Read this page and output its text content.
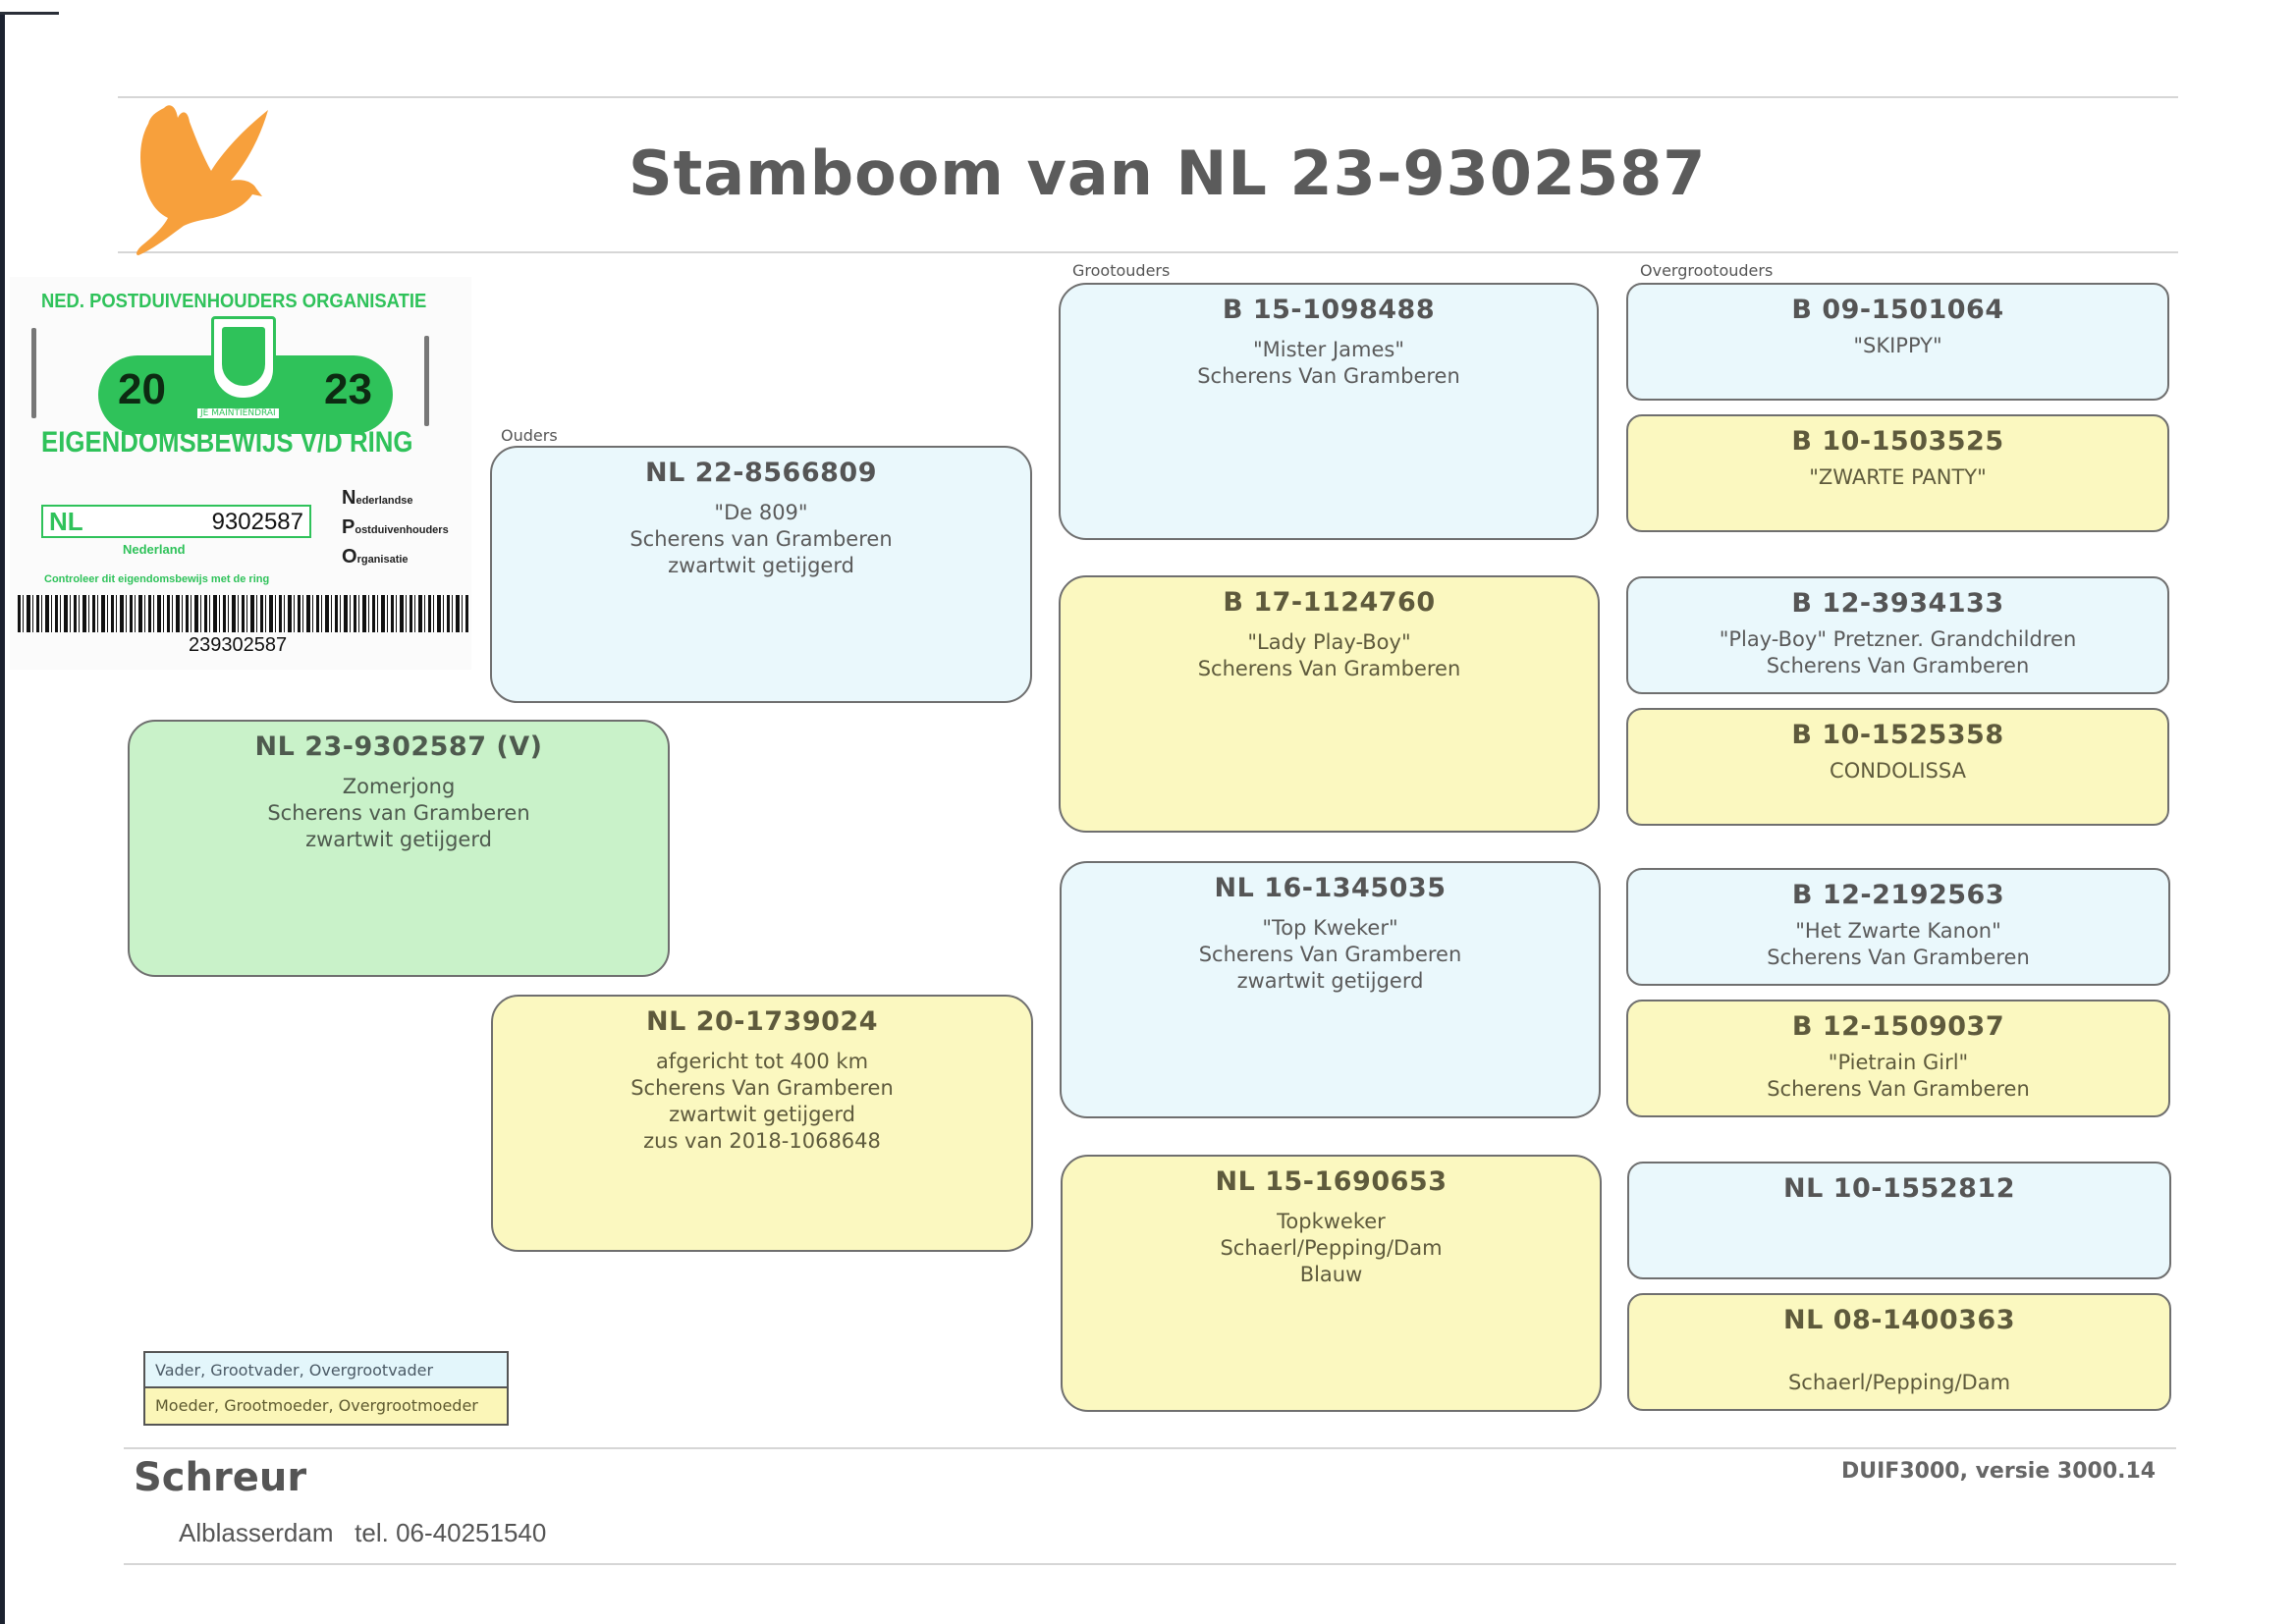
Stamboom van NL 23-9302587
NED. POSTDUIVENHOUDERS ORGANISATIE
20	23
JE MAINTIENDRAI
EIGENDOMSBEWIJS V/D RING
NL	9302587
Nederland
Nederlandse
Postduivenhouders
Organisatie
Controleer dit eigendomsbewijs met de ring
239302587
Ouders
Grootouders	Overgrootouders
NL 23-9302587 (V)
Zomerjong
Scherens van Gramberen
zwartwit getijgerd
NL 22-8566809
"De 809"
Scherens van Gramberen
zwartwit getijgerd
NL 20-1739024
afgericht tot 400 km
Scherens Van Gramberen
zwartwit getijgerd
zus van 2018-1068648
B 15-1098488
"Mister James"
Scherens Van Gramberen
B 17-1124760
"Lady Play-Boy"
Scherens Van Gramberen
NL 16-1345035
"Top Kweker"
Scherens Van Gramberen
zwartwit getijgerd
NL 15-1690653
Topkweker
Schaerl/Pepping/Dam
Blauw
B 09-1501064
"SKIPPY"
B 10-1503525
"ZWARTE PANTY"
B 12-3934133
"Play-Boy" Pretzner. Grandchildren
Scherens Van Gramberen
B 10-1525358
CONDOLISSA
B 12-2192563
"Het Zwarte Kanon"
Scherens Van Gramberen
B 12-1509037
"Pietrain Girl"
Scherens Van Gramberen
NL 10-1552812
NL 08-1400363

Schaerl/Pepping/Dam
Vader, Grootvader, Overgrootvader
Moeder, Grootmoeder, Overgrootmoeder
Schreur
Alblasserdam   tel. 06-40251540
DUIF3000, versie 3000.14
